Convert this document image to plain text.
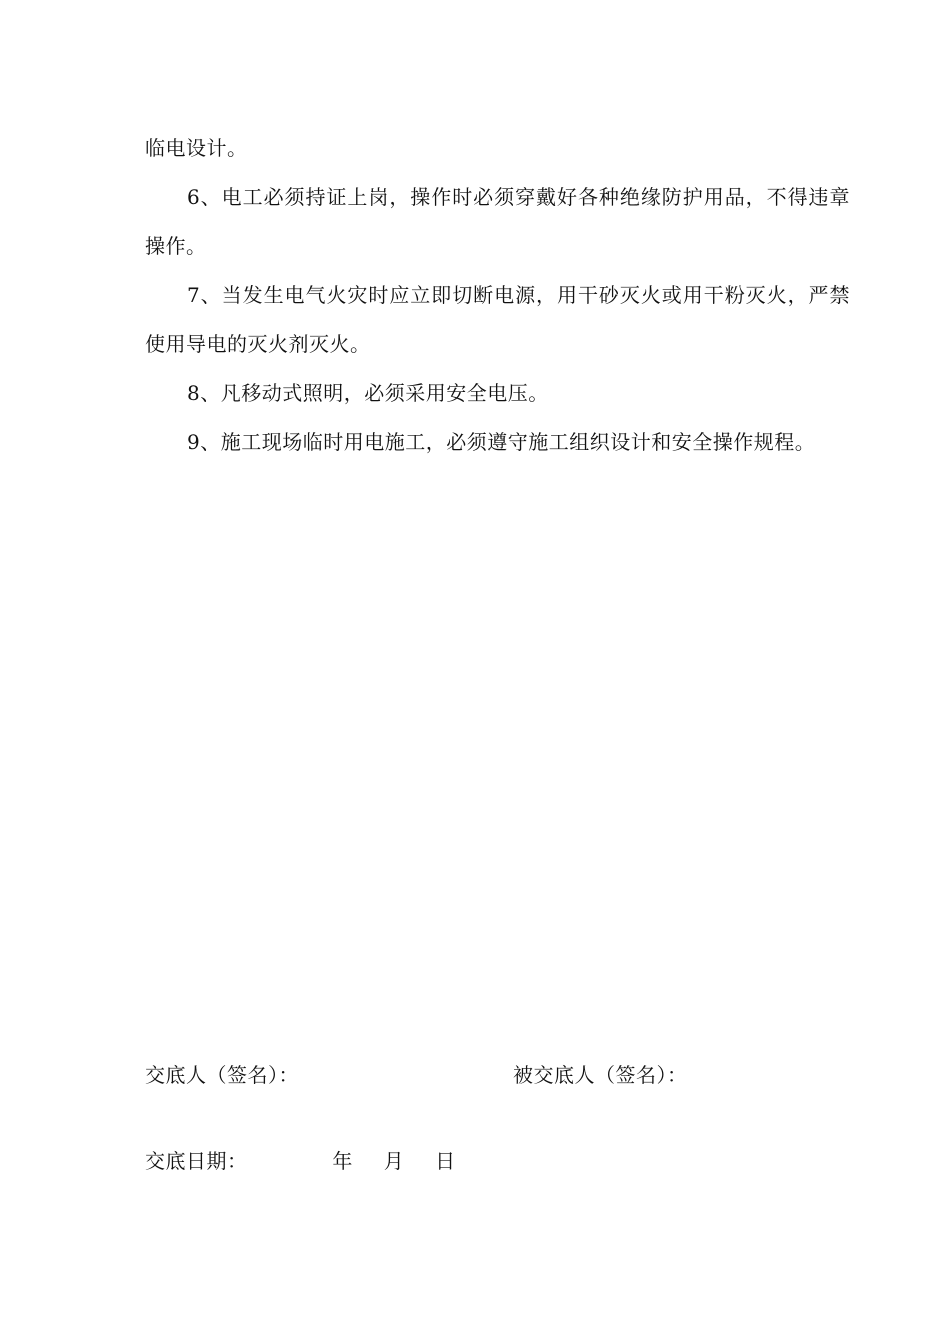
临电设计。

6、电工必须持证上岗，操作时必须穿戴好各种绝缘防护用品，不得违章操作。

7、当发生电气火灾时应立即切断电源，用干砂灭火或用干粉灭火，严禁使用导电的灭火剂灭火。

8、凡移动式照明，必须采用安全电压。

9、施工现场临时用电施工，必须遵守施工组织设计和安全操作规程。

交底人（签名）：	被交底人（签名）：
交底日期：	年 月 日
